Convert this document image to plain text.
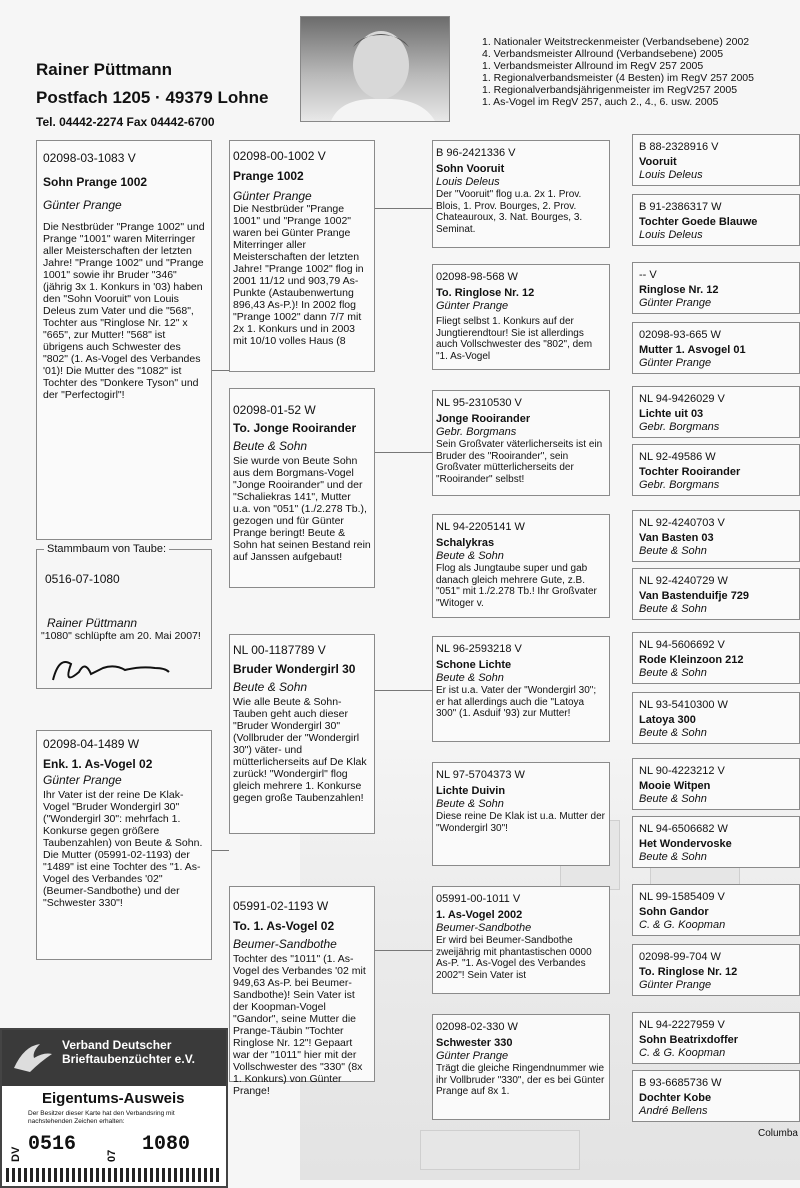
Rainer Püttmann
Postfach 1205 · 49379 Lohne
Tel. 04442-2274 Fax 04442-6700
1. Nationaler Weitstreckenmeister (Verbandsebene) 2002
4. Verbandsmeister Allround (Verbandsebene) 2005
1. Verbandsmeister Allround im RegV 257 2005
1. Regionalverbandsmeister (4 Besten) im RegV 257 2005
1. Regionalverbandsjährigenmeister im RegV257 2005
1. As-Vogel im RegV 257, auch 2., 4., 6. usw. 2005
02098-03-1083 V
Sohn Prange 1002
Günter Prange
Die Nestbrüder "Prange 1002" und Prange "1001" waren Miterringer aller Meisterschaften der letzten Jahre! "Prange 1002" und "Prange 1001" sowie ihr Bruder "346" (jährig 3x 1. Konkurs in '03) haben den "Sohn Vooruit" von Louis Deleus zum Vater und die "568", Tochter aus "Ringlose Nr. 12" x "665", zur Mutter! "568" ist übrigens auch Schwester des "802" (1. As-Vogel des Verbandes '01)! Die Mutter des "1082" ist Tochter des "Donkere Tyson" und der "Perfectogirl"!
0516-07-1080
Rainer Püttmann
"1080" schlüpfte am 20. Mai 2007!
Stammbaum von Taube:
02098-04-1489 W
Enk. 1. As-Vogel 02
Günter Prange
Ihr Vater ist der reine De Klak-Vogel "Bruder Wondergirl 30" ("Wondergirl 30": mehrfach 1. Konkurse gegen größere Taubenzahlen) von Beute & Sohn. Die Mutter (05991-02-1193) der "1489" ist eine Tochter des "1. As-Vogel des Verbandes '02" (Beumer-Sandbothe) und der "Schwester 330"!
02098-00-1002 V
Prange 1002
Günter Prange
Die Nestbrüder "Prange 1001" und "Prange 1002" waren bei Günter Prange Miterringer aller Meisterschaften der letzten Jahre! "Prange 1002" flog in 2001 11/12 und 903,79 As-Punkte (Astaubenwertung 896,43 As-P.)! In 2002 flog "Prange 1002" dann 7/7 mit 2x 1. Konkurs und in 2003 mit 10/10 volles Haus (8
02098-01-52 W
To. Jonge Rooirander
Beute & Sohn
Sie wurde von Beute Sohn aus dem Borgmans-Vogel "Jonge Rooirander" und der "Schaliekras 141", Mutter u.a. von "051" (1./2.278 Tb.), gezogen und für Günter Prange beringt! Beute & Sohn hat seinen Bestand rein auf Janssen aufgebaut!
NL 00-1187789 V
Bruder Wondergirl 30
Beute & Sohn
Wie alle Beute & Sohn-Tauben geht auch dieser "Bruder Wondergirl 30" (Vollbruder der "Wondergirl 30") väter- und mütterlicherseits auf De Klak zurück! "Wondergirl" flog gleich mehrere 1. Konkurse gegen große Taubenzahlen!
05991-02-1193 W
To. 1. As-Vogel 02
Beumer-Sandbothe
Tochter des "1011" (1. As-Vogel des Verbandes '02 mit 949,63 As-P. bei Beumer-Sandbothe)! Sein Vater ist der Koopman-Vogel "Gandor", seine Mutter die Prange-Täubin "Tochter Ringlose Nr. 12"! Gepaart war der "1011" hier mit der Vollschwester des "330" (8x 1. Konkurs) von Günter Prange!
B 96-2421336 V
Sohn Vooruit
Louis Deleus
Der "Vooruit" flog u.a. 2x 1. Prov. Blois, 1. Prov. Bourges, 2. Prov. Chateauroux, 3. Nat. Bourges, 3. Seminat.
02098-98-568 W
To. Ringlose Nr. 12
Günter Prange
Fliegt selbst 1. Konkurs auf der Jungtierendtour! Sie ist allerdings auch Vollschwester des "802", dem "1. As-Vogel
NL 95-2310530 V
Jonge Rooirander
Gebr. Borgmans
Sein Großvater väterlicherseits ist ein Bruder des "Rooirander", sein Großvater mütterlicherseits der "Rooirander" selbst!
NL 94-2205141 W
Schalykras
Beute & Sohn
Flog als Jungtaube super und gab danach gleich mehrere Gute, z.B. "051" mit 1./2.278 Tb.! Ihr Großvater "Witoger v.
NL 96-2593218 V
Schone Lichte
Beute & Sohn
Er ist u.a. Vater der "Wondergirl 30"; er hat allerdings auch die "Latoya 300" (1. Asduif '93) zur Mutter!
NL 97-5704373 W
Lichte Duivin
Beute & Sohn
Diese reine De Klak ist u.a. Mutter der "Wondergirl 30"!
05991-00-1011 V
1. As-Vogel 2002
Beumer-Sandbothe
Er wird bei Beumer-Sandbothe zweijährig mit phantastischen 0000 As-P. "1. As-Vogel des Verbandes 2002"! Sein Vater ist
02098-02-330 W
Schwester 330
Günter Prange
Trägt die gleiche Ringendnummer wie ihr Vollbruder "330", der es bei Günter Prange auf 8x 1.
B 88-2328916 V
Vooruit
Louis Deleus
B 91-2386317 W
Tochter Goede Blauwe
Louis Deleus
-- V
Ringlose Nr. 12
Günter Prange
02098-93-665 W
Mutter 1. Asvogel 01
Günter Prange
NL 94-9426029 V
Lichte uit 03
Gebr. Borgmans
NL 92-49586 W
Tochter Rooirander
Gebr. Borgmans
NL 92-4240703 V
Van Basten 03
Beute & Sohn
NL 92-4240729 W
Van Bastenduifje 729
Beute & Sohn
NL 94-5606692 V
Rode Kleinzoon 212
Beute & Sohn
NL 93-5410300 W
Latoya 300
Beute & Sohn
NL 90-4223212 V
Mooie Witpen
Beute & Sohn
NL 94-6506682 W
Het Wondervoske
Beute & Sohn
NL 99-1585409 V
Sohn Gandor
C. & G. Koopman
02098-99-704 W
To. Ringlose Nr. 12
Günter Prange
NL 94-2227959 V
Sohn Beatrixdoffer
C. & G. Koopman
B 93-6685736 W
Dochter Kobe
André Bellens
Columba
Verband Deutscher Brieftaubenzüchter e.V.
Eigentums-Ausweis
Der Besitzer dieser Karte hat den Verbandsring mit nachstehenden Zeichen erhalten:
DV 0516	07 1080
